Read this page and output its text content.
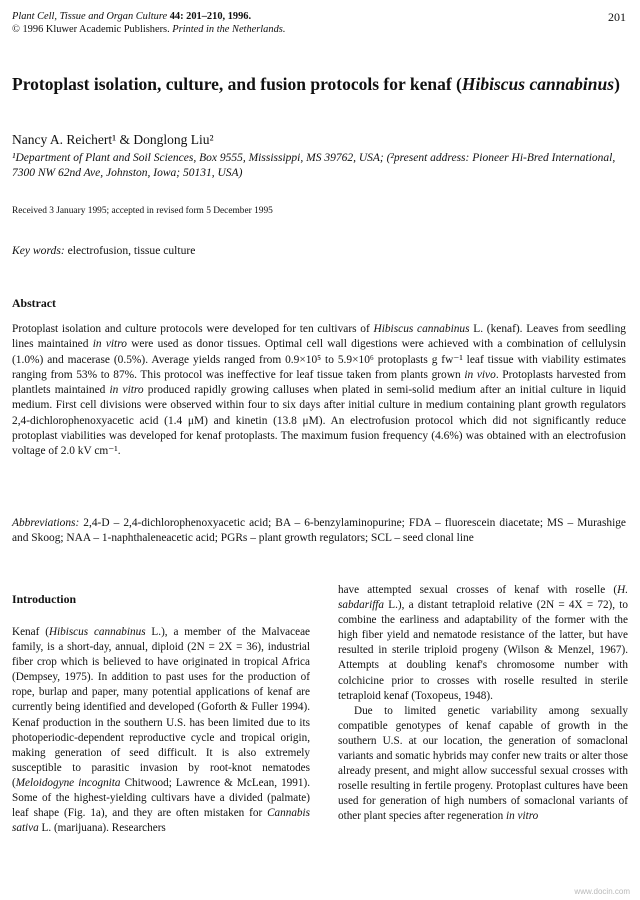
Plant Cell, Tissue and Organ Culture 44: 201–210, 1996.
© 1996 Kluwer Academic Publishers. Printed in the Netherlands.
201
Protoplast isolation, culture, and fusion protocols for kenaf (Hibiscus cannabinus)
Nancy A. Reichert¹ & Donglong Liu²
¹Department of Plant and Soil Sciences, Box 9555, Mississippi, MS 39762, USA; (²present address: Pioneer Hi-Bred International, 7300 NW 62nd Ave, Johnston, Iowa; 50131, USA)
Received 3 January 1995; accepted in revised form 5 December 1995
Key words: electrofusion, tissue culture
Abstract
Protoplast isolation and culture protocols were developed for ten cultivars of Hibiscus cannabinus L. (kenaf). Leaves from seedling lines maintained in vitro were used as donor tissues. Optimal cell wall digestions were achieved with a combination of cellulysin (1.0%) and macerase (0.5%). Average yields ranged from 0.9×10⁵ to 5.9×10⁶ protoplasts g fw⁻¹ leaf tissue with viability estimates ranging from 53% to 87%. This protocol was ineffective for leaf tissue taken from plants grown in vivo. Protoplasts harvested from plantlets maintained in vitro produced rapidly growing calluses when plated in semi-solid medium after an initial culture in liquid medium. First cell divisions were observed within four to six days after initial culture in medium containing plant growth regulators 2,4-dichlorophenoxyacetic acid (1.4 μM) and kinetin (13.8 μM). An electrofusion protocol which did not significantly reduce protoplast viabilities was developed for kenaf protoplasts. The maximum fusion frequency (4.6%) was obtained with an electrofusion voltage of 2.0 kV cm⁻¹.
Abbreviations: 2,4-D – 2,4-dichlorophenoxyacetic acid; BA – 6-benzylaminopurine; FDA – fluorescein diacetate; MS – Murashige and Skoog; NAA – 1-naphthaleneacetic acid; PGRs – plant growth regulators; SCL – seed clonal line
Introduction
Kenaf (Hibiscus cannabinus L.), a member of the Malvaceae family, is a short-day, annual, diploid (2N = 2X = 36), industrial fiber crop which is believed to have originated in tropical Africa (Dempsey, 1975). In addition to past uses for the production of rope, burlap and paper, many potential applications of kenaf are currently being identified and developed (Goforth & Fuller 1994). Kenaf production in the southern U.S. has been limited due to its photoperiodic-dependent reproductive cycle and tropical origin, making generation of seed difficult. It is also extremely susceptible to parasitic invasion by root-knot nematodes (Meloidogyne incognita Chitwood; Lawrence & McLean, 1991). Some of the highest-yielding cultivars have a divided (palmate) leaf shape (Fig. 1a), and they are often mistaken for Cannabis sativa L. (marijuana). Researchers

have attempted sexual crosses of kenaf with roselle (H. sabdariffa L.), a distant tetraploid relative (2N = 4X = 72), to combine the earliness and adaptability of the former with the high fiber yield and nematode resistance of the latter, but have resulted in sterile triploid progeny (Wilson & Menzel, 1967). Attempts at doubling kenaf's chromosome number with colchicine prior to crosses with roselle resulted in sterile tetraploid kenaf (Toxopeus, 1948).

Due to limited genetic variability among sexually compatible genotypes of kenaf capable of growth in the southern U.S. at our location, the generation of somaclonal variants and somatic hybrids may confer new traits or alter those already present, and might allow successful sexual crosses with roselle resulting in fertile progeny. Protoplast cultures have been used for generation of high numbers of somaclonal variants of other plant species after regeneration in vitro

www.docin.com
